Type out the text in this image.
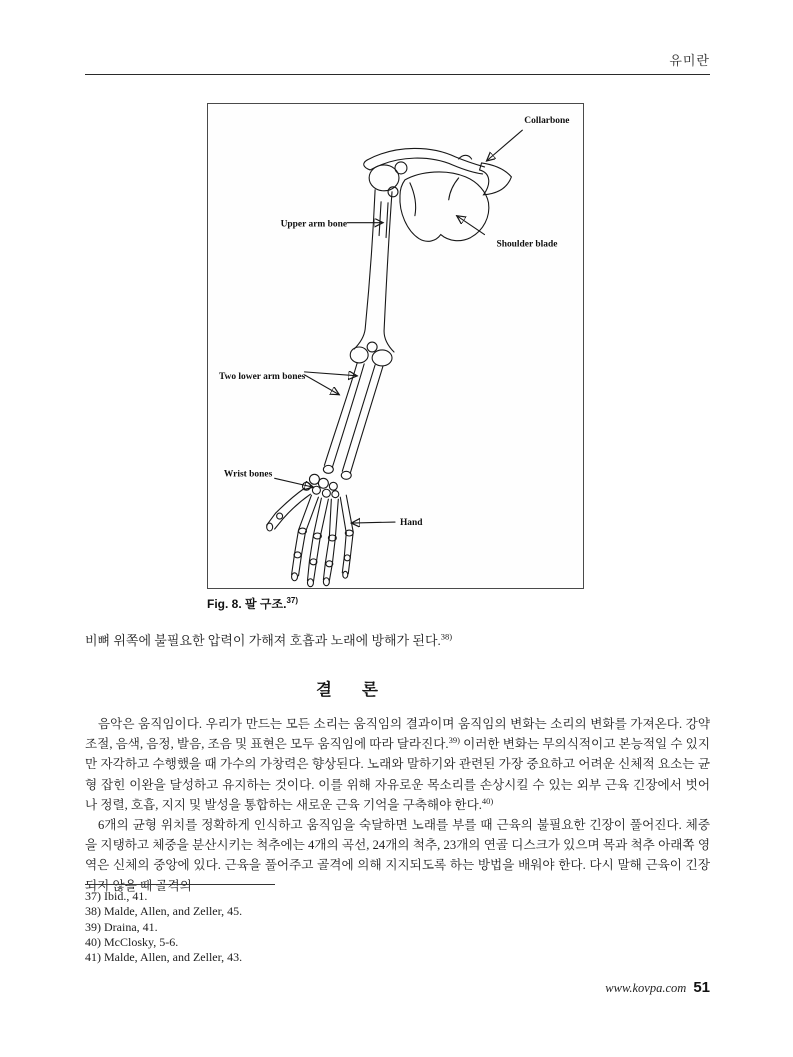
유미란
Collarbone
Upper arm bone
Shoulder blade
Two lower arm bones
Wrist bones
Hand
Fig. 8. 팔 구조.$^{37)}$
비뼈 위쪽에 불필요한 압력이 가해져 호흡과 노래에 방해가 된다.$^{38)}$
결 론

음악은 움직임이다. 우리가 만드는 모든 소리는 움직임의 결과이며 움직임의 변화는 소리의 변화를 가져온다. 강약조절, 음색, 음정, 발음, 조음 및 표현은 모두 움직임에 따라 달라진다.$^{39)}$ 이러한 변화는 무의식적이고 본능적일 수 있지만 자각하고 수행했을 때 가수의 가창력은 향상된다. 노래와 말하기와 관련된 가장 중요하고 어려운 신체적 요소는 균형 잡힌 이완을 달성하고 유지하는 것이다. 이를 위해 자유로운 목소리를 손상시킬 수 있는 외부 근육 긴장에서 벗어나 정렬, 호흡, 지지 및 발성을 통합하는 새로운 근육 기억을 구축해야 한다.$^{40)}$

6개의 균형 위치를 정확하게 인식하고 움직임을 숙달하면 노래를 부를 때 근육의 불필요한 긴장이 풀어진다. 체중을 지탱하고 체중을 분산시키는 척추에는 4개의 곡선, 24개의 척추, 23개의 연골 디스크가 있으며 목과 척추 아래쪽 영역은 신체의 중앙에 있다. 근육을 풀어주고 골격에 의해 지지되도록 하는 방법을 배워야 한다. 다시 말해 근육이 긴장되지 않을 때 골격의

37) Ibid., 41.
38) Malde, Allen, and Zeller, 45.
39) Draina, 41.
40) McClosky, 5-6.
41) Malde, Allen, and Zeller, 43.
www.kovpa.com 51
